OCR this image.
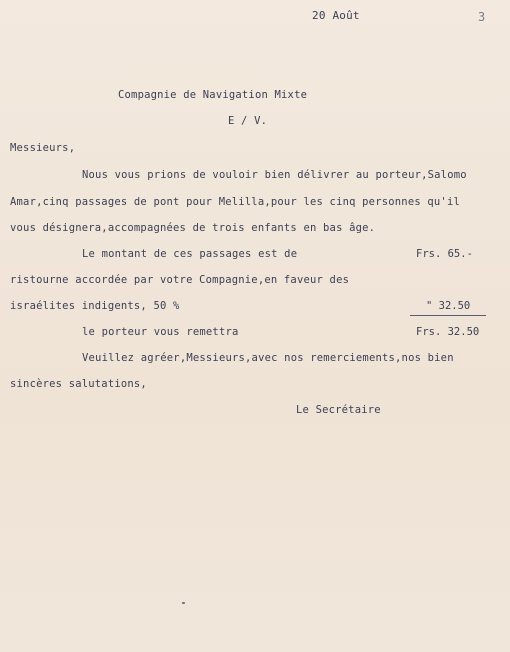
20 Août	3
Compagnie de Navigation Mixte
E / V.
Messieurs,
Nous vous prions de vouloir bien délivrer au porteur,Salomo
Amar,cinq passages de pont pour Melilla,pour les cinq personnes qu'il
vous désignera,accompagnées de trois enfants en bas âge.
Le montant de ces passages est de	Frs. 65.-
ristourne accordée par votre Compagnie,en faveur des
israélites indigents, 50 %	" 32.50
le porteur vous remettra	Frs. 32.50
Veuillez agréer,Messieurs,avec nos remerciements,nos bien
sincères salutations,
Le Secrétaire
